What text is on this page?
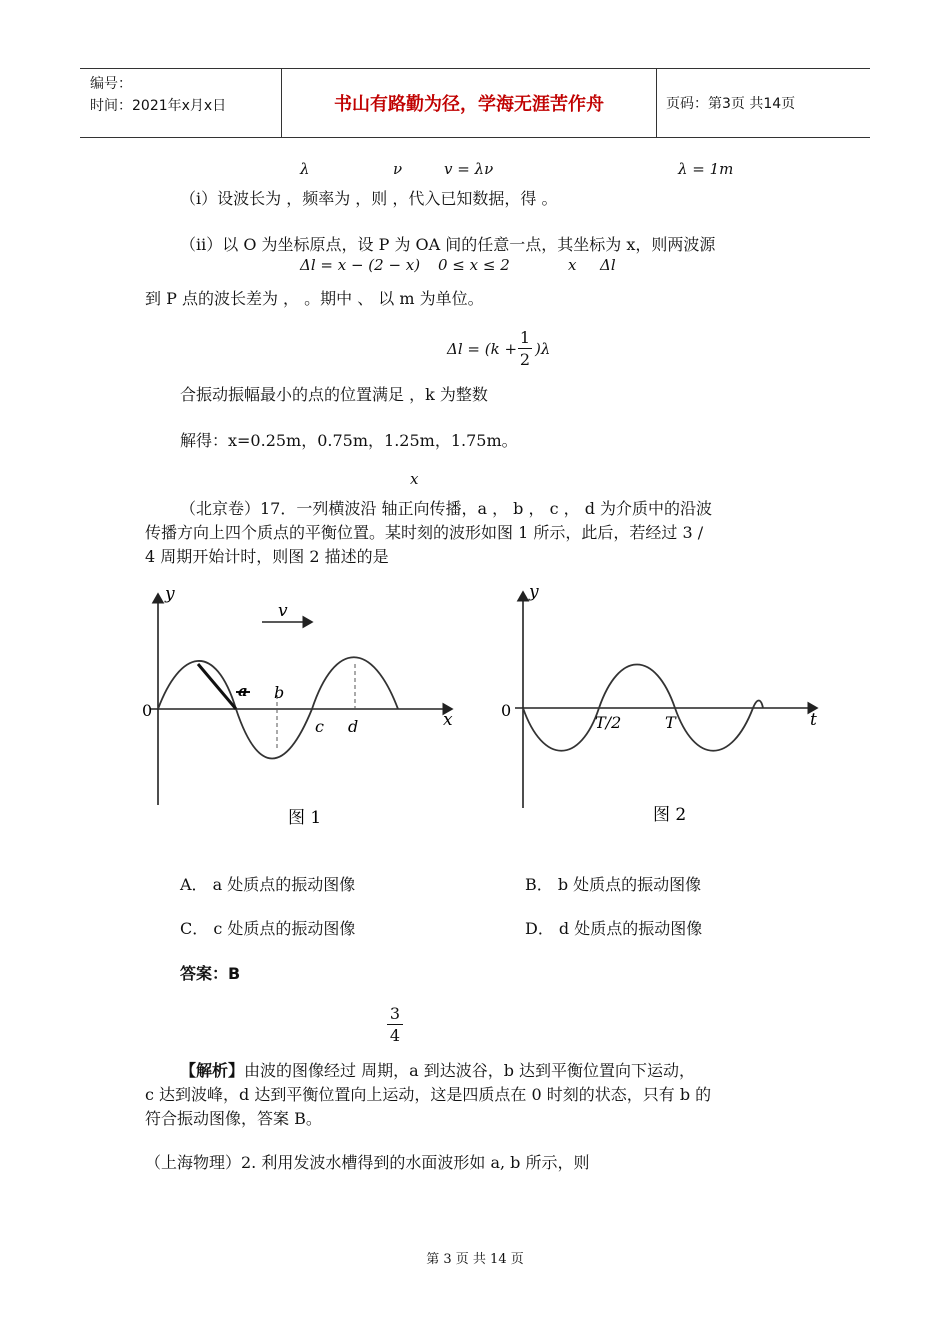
编号：
时间：2021年x月x日	书山有路勤为径，学海无涯苦作舟	页码：第3页 共14页
λ	ν	v = λν	λ = 1m
（i）设波长为 ，频率为 ，则 ，代入已知数据，得 。
（ii）以 O 为坐标原点，设 P 为 OA 间的任意一点，其坐标为 x，则两波源
Δl = x − (2 − x) 0 ≤ x ≤ 2	x Δl
到 P 点的波长差为 ， 。期中 、 以 m 为单位。
Δl = (k +
1
2
)λ
合振动振幅最小的点的位置满足 ，k 为整数
解得：x=0.25m，0.75m，1.25m，1.75m。
x
（北京卷）17．一列横波沿 轴正向传播，a ， b ， c ， d 为介质中的沿波
传播方向上四个质点的平衡位置。某时刻的波形如图 1 所示，此后，若经过 3 /
4 周期开始计时，则图 2 描述的是
v
y
x
0
a b
c d
图 1
y
t
0
T/2	T
图 2
A． a 处质点的振动图像	B． b 处质点的振动图像
C． c 处质点的振动图像	D． d 处质点的振动图像
答案：B
3
4
【解析】由波的图像经过 周期，a 到达波谷，b 达到平衡位置向下运动，
c 达到波峰，d 达到平衡位置向上运动，这是四质点在 0 时刻的状态，只有 b 的
符合振动图像，答案 B。
（上海物理）2. 利用发波水槽得到的水面波形如 a, b 所示，则
第 3 页 共 14 页
